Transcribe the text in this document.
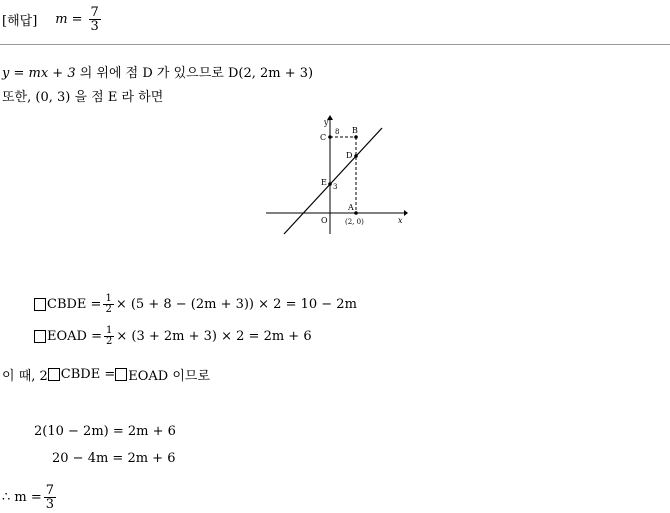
[해답] $m = \frac{7}{3}$
y = mx + 3 의 위에 점 D 가 있으므로 D(2, 2m + 3)
또한, (0, 3) 을 점 E 라 하면
y
x
C
8 B
D
E 3
A
O (2, 0)
CBDE = $\frac{1}{2} \times (5 + 8 - (2m + 3)) \times 2 = 10 - 2m$
EOAD = $\frac{1}{2} \times (3 + 2m + 3) \times 2 = 2m + 6$
이 때, 2 CBDE = EOAD 이므로
2(10 − 2m) = 2m + 6
20 − 4m = 2m + 6
∴ $m = \frac{7}{3}$
